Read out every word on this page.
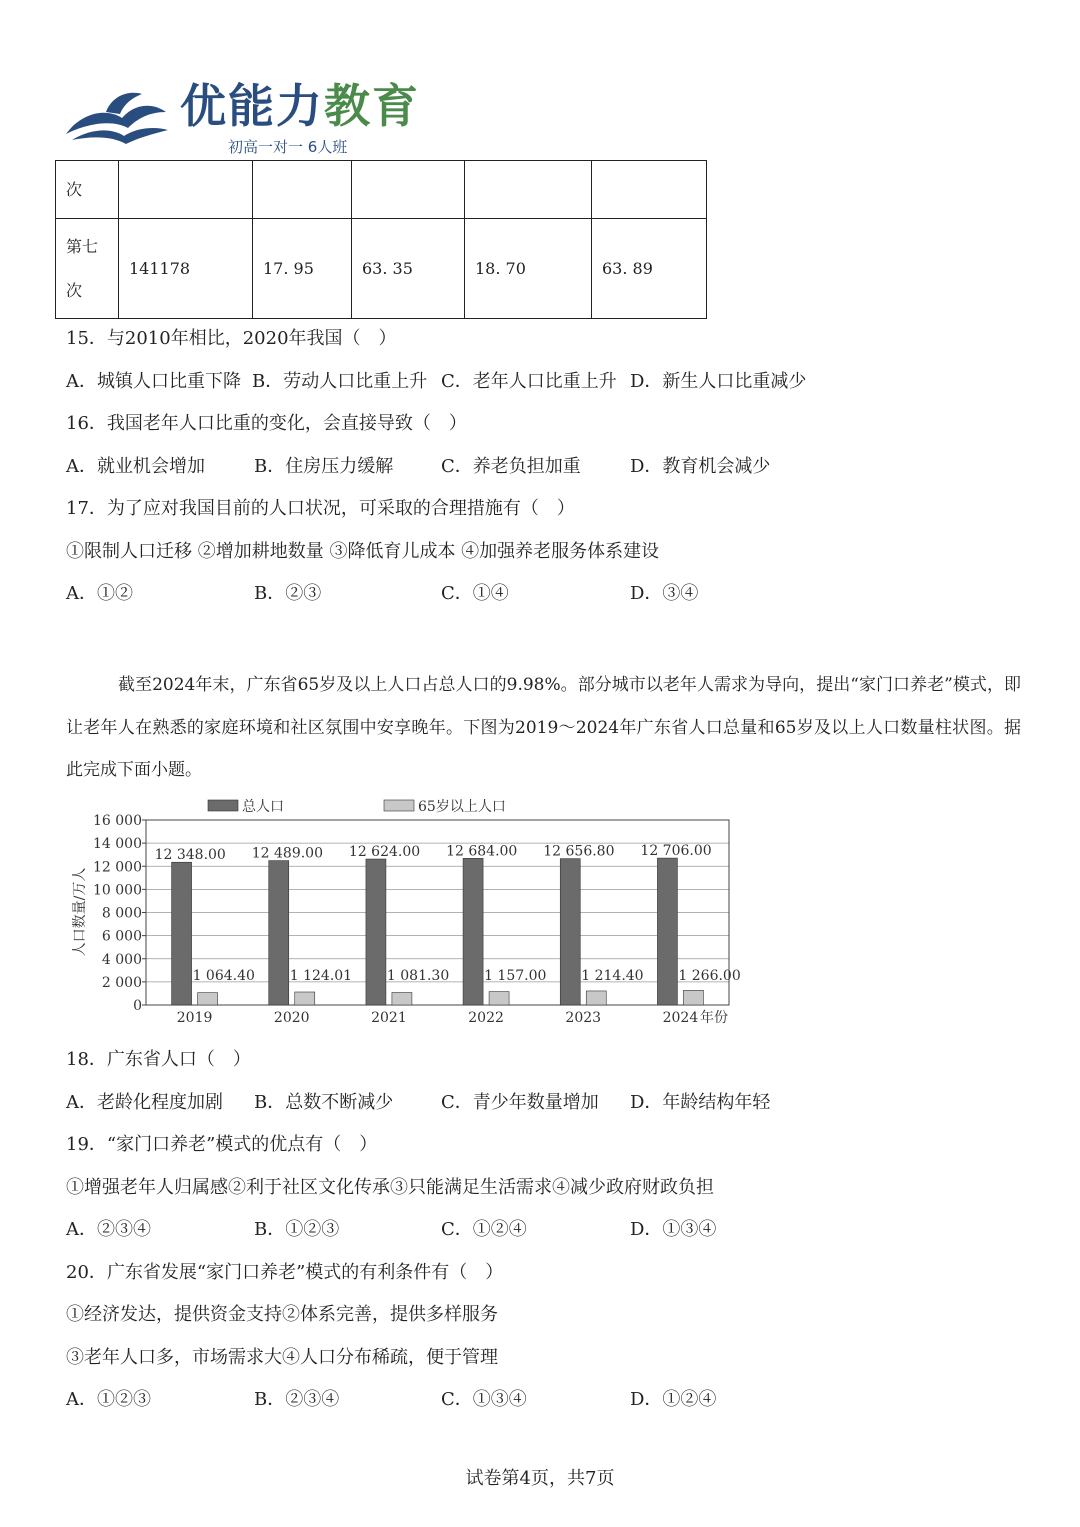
优能力教育
初高一对一 6人班
次					
第七
次	141178	17. 95	63. 35	18. 70	63. 89
15．与2010年相比，2020年我国（　）
A．城镇人口比重下降 B．劳动人口比重上升 C．老年人口比重上升 D．新生人口比重减少
16．我国老年人口比重的变化，会直接导致（　）
A．就业机会增加	B．住房压力缓解	C．养老负担加重	D．教育机会减少
17．为了应对我国目前的人口状况，可采取的合理措施有（　）
①限制人口迁移 ②增加耕地数量 ③降低育儿成本 ④加强养老服务体系建设
A．①②	B．②③	C．①④	D．③④
截至2024年末，广东省65岁及以上人口占总人口的9.98%。部分城市以老年人需求为导向，提出“家门口养老”模式，即让老年人在熟悉的家庭环境和社区氛围中安享晚年。下图为2019～2024年广东省人口总量和65岁及以上人口数量柱状图。据此完成下面小题。
0
2 000
4 000
6 000
8 000
10 000
12 000
14 000
16 000
12 348.00
1 064.40
12 489.00
1 124.01
12 624.00
1 081.30
12 684.00
1 157.00
12 656.80
1 214.40
12 706.00
1 266.00
2019	2020	2021	2022	2023	2024
人口数量/万人
年份
总人口	65岁以上人口
18．广东省人口（　）
A．老龄化程度加剧 B．总数不断减少	C．青少年数量增加 D．年龄结构年轻
19．“家门口养老”模式的优点有（　）
①增强老年人归属感②利于社区文化传承③只能满足生活需求④减少政府财政负担
A．②③④	B．①②③	C．①②④	D．①③④
20．广东省发展“家门口养老”模式的有利条件有（　）
①经济发达，提供资金支持②体系完善，提供多样服务
③老年人口多，市场需求大④人口分布稀疏，便于管理
A．①②③	B．②③④	C．①③④	D．①②④
试卷第4页，共7页
